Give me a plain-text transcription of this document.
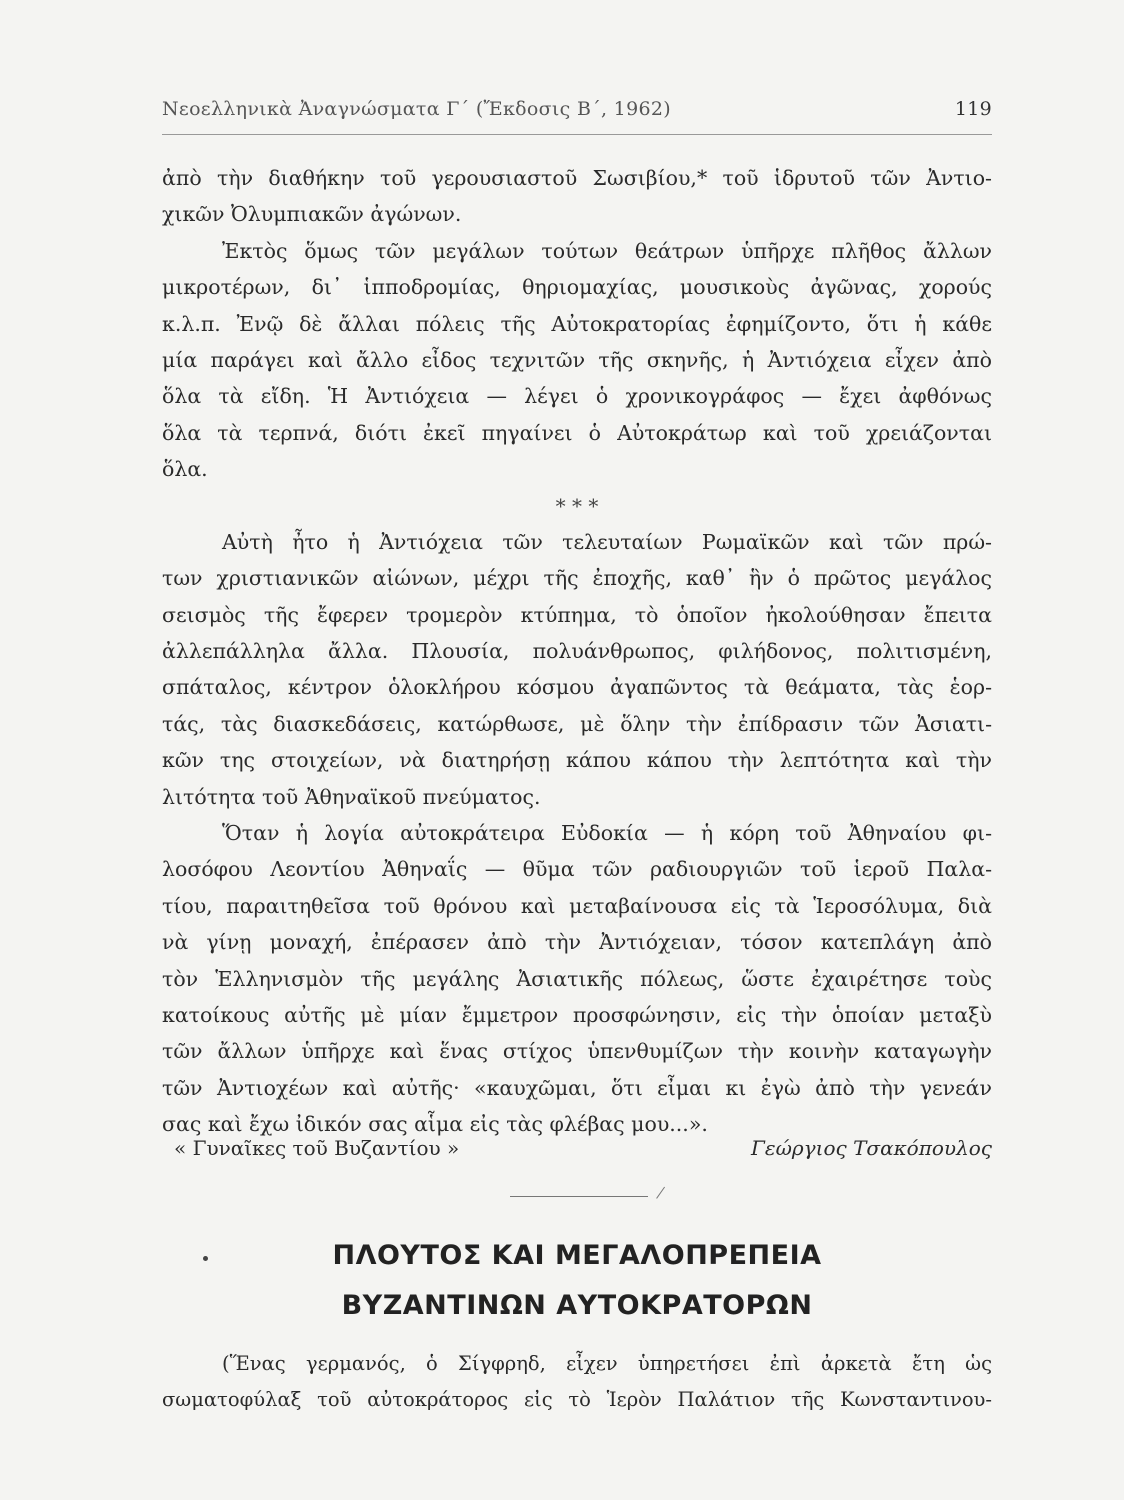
Νεοελληνικὰ Ἀναγνώσματα Γ΄ (Ἔκδοσις Β΄, 1962)	119
ἀπὸ τὴν διαθήκην τοῦ γερουσιαστοῦ Σωσιβίου,* τοῦ ἱδρυτοῦ τῶν Ἀντιο-
χικῶν Ὀλυμπιακῶν ἀγώνων.
Ἐκτὸς ὅμως τῶν μεγάλων τούτων θεάτρων ὑπῆρχε πλῆθος ἄλλων
μικροτέρων, δι᾽ ἱπποδρομίας, θηριομαχίας, μουσικοὺς ἀγῶνας, χορούς
κ.λ.π. Ἐνῷ δὲ ἄλλαι πόλεις τῆς Αὐτοκρατορίας ἐφημίζοντο, ὅτι ἡ κάθε
μία παράγει καὶ ἄλλο εἶδος τεχνιτῶν τῆς σκηνῆς, ἡ Ἀντιόχεια εἶχεν ἀπὸ
ὅλα τὰ εἴδη. Ἡ Ἀντιόχεια — λέγει ὁ χρονικογράφος — ἔχει ἀφθόνως
ὅλα τὰ τερπνά, διότι ἐκεῖ πηγαίνει ὁ Αὐτοκράτωρ καὶ τοῦ χρειάζονται
ὅλα.
* * *
Αὐτὴ ἦτο ἡ Ἀντιόχεια τῶν τελευταίων Ρωμαϊκῶν καὶ τῶν πρώ-
των χριστιανικῶν αἰώνων, μέχρι τῆς ἐποχῆς, καθ᾽ ἣν ὁ πρῶτος μεγάλος
σεισμὸς τῆς ἔφερεν τρομερὸν κτύπημα, τὸ ὁποῖον ἠκολούθησαν ἔπειτα
ἀλλεπάλληλα ἄλλα. Πλουσία, πολυάνθρωπος, φιλήδονος, πολιτισμένη,
σπάταλος, κέντρον ὁλοκλήρου κόσμου ἀγαπῶντος τὰ θεάματα, τὰς ἑορ-
τάς, τὰς διασκεδάσεις, κατώρθωσε, μὲ ὅλην τὴν ἐπίδρασιν τῶν Ἀσιατι-
κῶν της στοιχείων, νὰ διατηρήσῃ κάπου κάπου τὴν λεπτότητα καὶ τὴν
λιτότητα τοῦ Ἀθηναϊκοῦ πνεύματος.
Ὅταν ἡ λογία αὐτοκράτειρα Εὐδοκία — ἡ κόρη τοῦ Ἀθηναίου φι-
λοσόφου Λεοντίου Ἀθηναΐς — θῦμα τῶν ραδιουργιῶν τοῦ ἱεροῦ Παλα-
τίου, παραιτηθεῖσα τοῦ θρόνου καὶ μεταβαίνουσα εἰς τὰ Ἱεροσόλυμα, διὰ
νὰ γίνῃ μοναχή, ἐπέρασεν ἀπὸ τὴν Ἀντιόχειαν, τόσον κατεπλάγη ἀπὸ
τὸν Ἑλληνισμὸν τῆς μεγάλης Ἀσιατικῆς πόλεως, ὥστε ἐχαιρέτησε τοὺς
κατοίκους αὐτῆς μὲ μίαν ἔμμετρον προσφώνησιν, εἰς τὴν ὁποίαν μεταξὺ
τῶν ἄλλων ὑπῆρχε καὶ ἕνας στίχος ὑπενθυμίζων τὴν κοινὴν καταγωγὴν
τῶν Ἀντιοχέων καὶ αὐτῆς· «καυχῶμαι, ὅτι εἶμαι κι ἐγὼ ἀπὸ τὴν γενεάν
σας καὶ ἔχω ἰδικόν σας αἷμα εἰς τὰς φλέβας μου...».
« Γυναῖκες τοῦ Βυζαντίου »	Γεώργιος Τσακόπουλος
ΠΛΟΥΤΟΣ ΚΑΙ ΜΕΓΑΛΟΠΡΕΠΕΙΑ
ΒΥΖΑΝΤΙΝΩΝ ΑΥΤΟΚΡΑΤΟΡΩΝ
(Ἕνας γερμανός, ὁ Σίγφρηδ, εἶχεν ὑπηρετήσει ἐπὶ ἀρκετὰ ἔτη ὡς
σωματοφύλαξ τοῦ αὐτοκράτορος εἰς τὸ Ἱερὸν Παλάτιον τῆς Κωνσταντινου-
